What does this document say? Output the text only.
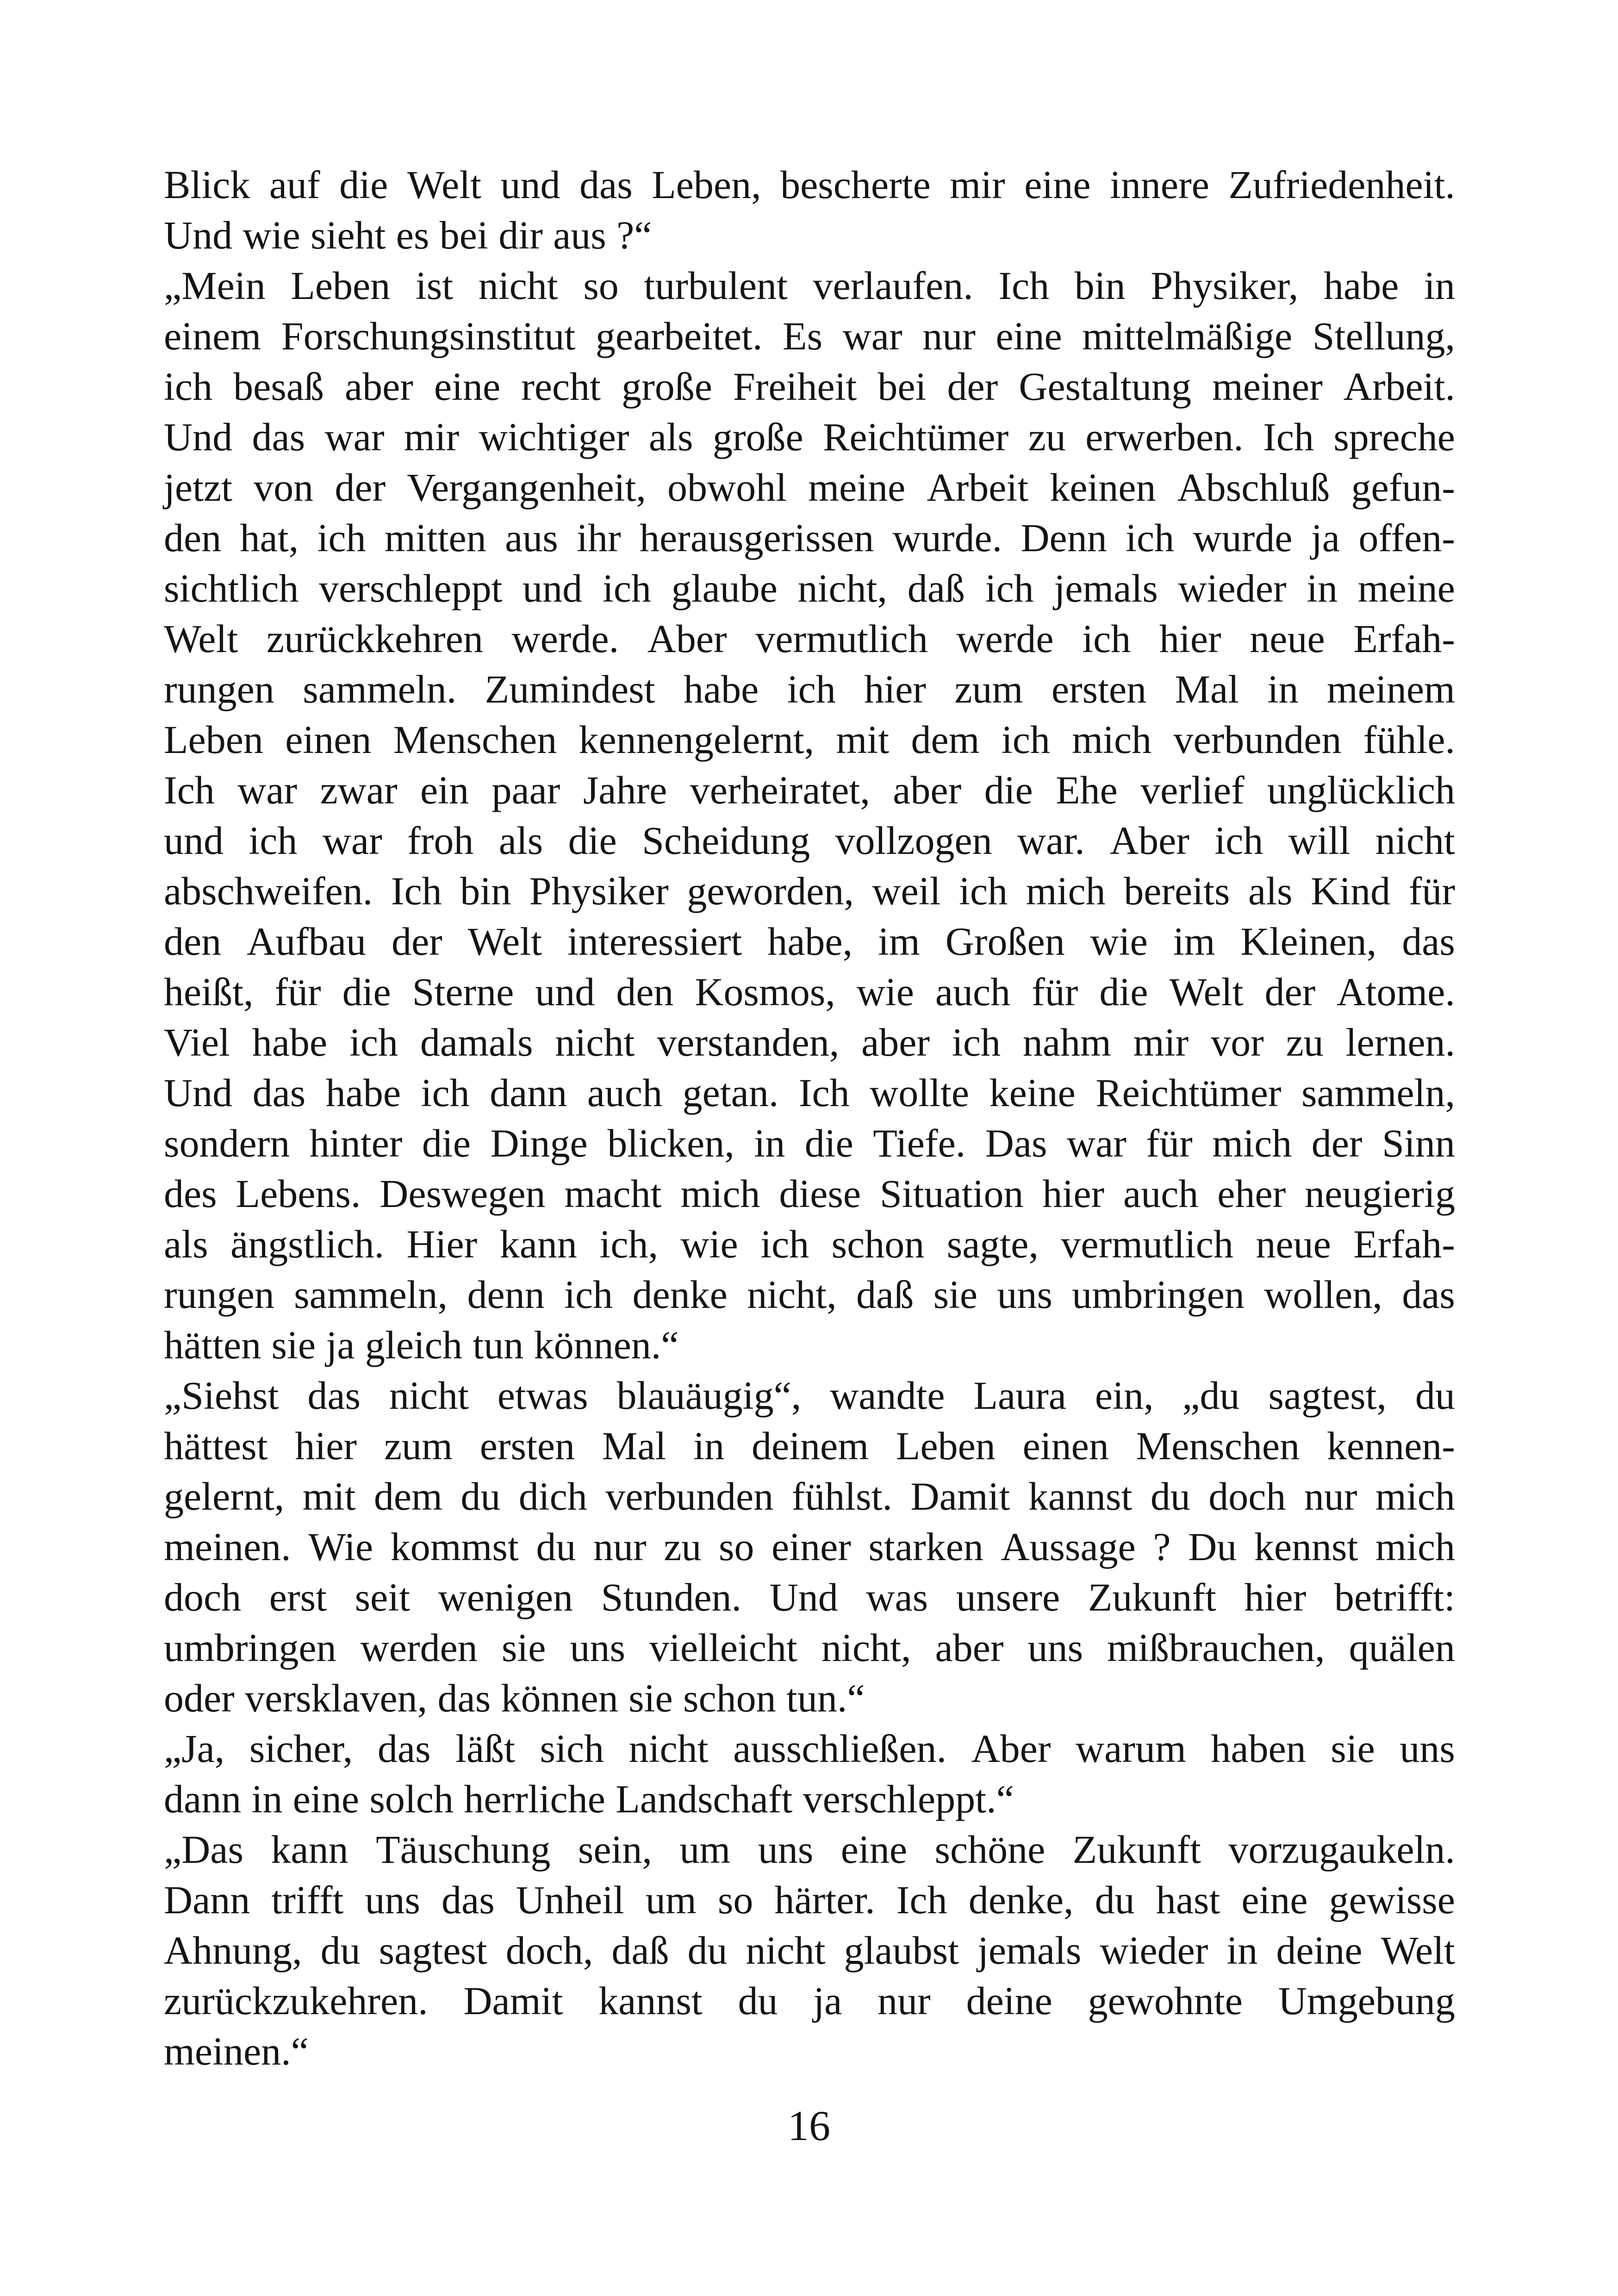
Blick auf die Welt und das Leben, bescherte mir eine innere Zufriedenheit.
Und wie sieht es bei dir aus ?“
„Mein Leben ist nicht so turbulent verlaufen. Ich bin Physiker, habe in
einem Forschungsinstitut gearbeitet. Es war nur eine mittelmäßige Stellung,
ich besaß aber eine recht große Freiheit bei der Gestaltung meiner Arbeit.
Und das war mir wichtiger als große Reichtümer zu erwerben. Ich spreche
jetzt von der Vergangenheit, obwohl meine Arbeit keinen Abschluß gefun-
den hat, ich mitten aus ihr herausgerissen wurde. Denn ich wurde ja offen-
sichtlich verschleppt und ich glaube nicht, daß ich jemals wieder in meine
Welt zurückkehren werde. Aber vermutlich werde ich hier neue Erfah-
rungen sammeln. Zumindest habe ich hier zum ersten Mal in meinem
Leben einen Menschen kennengelernt, mit dem ich mich verbunden fühle.
Ich war zwar ein paar Jahre verheiratet, aber die Ehe verlief unglücklich
und ich war froh als die Scheidung vollzogen war. Aber ich will nicht
abschweifen. Ich bin Physiker geworden, weil ich mich bereits als Kind für
den Aufbau der Welt interessiert habe, im Großen wie im Kleinen, das
heißt, für die Sterne und den Kosmos, wie auch für die Welt der Atome.
Viel habe ich damals nicht verstanden, aber ich nahm mir vor zu lernen.
Und das habe ich dann auch getan. Ich wollte keine Reichtümer sammeln,
sondern hinter die Dinge blicken, in die Tiefe. Das war für mich der Sinn
des Lebens. Deswegen macht mich diese Situation hier auch eher neugierig
als ängstlich. Hier kann ich, wie ich schon sagte, vermutlich neue Erfah-
rungen sammeln, denn ich denke nicht, daß sie uns umbringen wollen, das
hätten sie ja gleich tun können.“
„Siehst das nicht etwas blauäugig“, wandte Laura ein, „du sagtest, du
hättest hier zum ersten Mal in deinem Leben einen Menschen kennen-
gelernt, mit dem du dich verbunden fühlst. Damit kannst du doch nur mich
meinen. Wie kommst du nur zu so einer starken Aussage ? Du kennst mich
doch erst seit wenigen Stunden. Und was unsere Zukunft hier betrifft:
umbringen werden sie uns vielleicht nicht, aber uns mißbrauchen, quälen
oder versklaven, das können sie schon tun.“
„Ja, sicher, das läßt sich nicht ausschließen. Aber warum haben sie uns
dann in eine solch herrliche Landschaft verschleppt.“
„Das kann Täuschung sein, um uns eine schöne Zukunft vorzugaukeln.
Dann trifft uns das Unheil um so härter. Ich denke, du hast eine gewisse
Ahnung, du sagtest doch, daß du nicht glaubst jemals wieder in deine Welt
zurückzukehren. Damit kannst du ja nur deine gewohnte Umgebung
meinen.“
16
